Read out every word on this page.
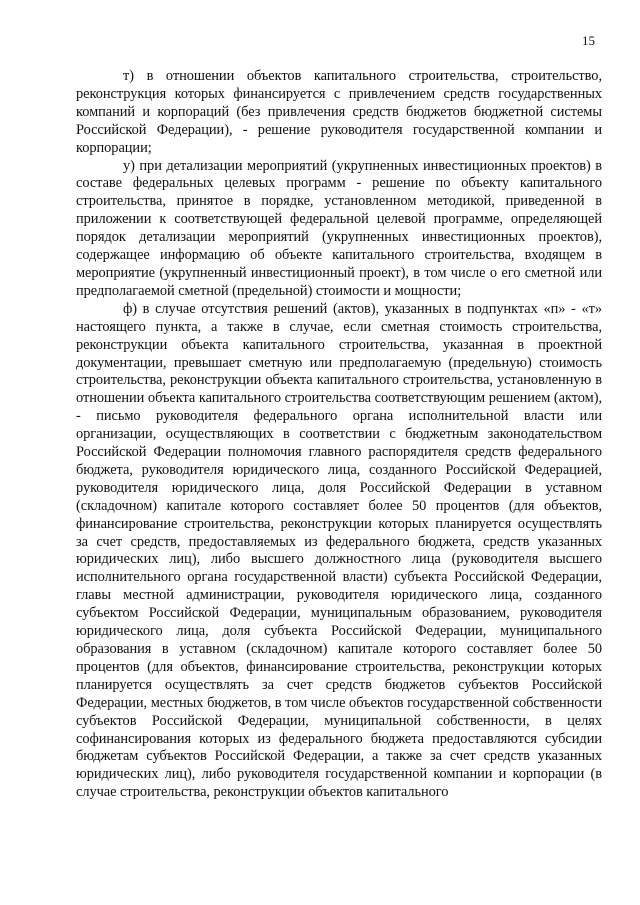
15

т) в отношении объектов капитального строительства, строительство, реконструкция которых финансируется с привлечением средств государственных компаний и корпораций (без привлечения средств бюджетов бюджетной системы Российской Федерации), - решение руководителя государственной компании и корпорации;

у) при детализации мероприятий (укрупненных инвестиционных проектов) в составе федеральных целевых программ - решение по объекту капитального строительства, принятое в порядке, установленном методикой, приведенной в приложении к соответствующей федеральной целевой программе, определяющей порядок детализации мероприятий (укрупненных инвестиционных проектов), содержащее информацию об объекте капитального строительства, входящем в мероприятие (укрупненный инвестиционный проект), в том числе о его сметной или предполагаемой сметной (предельной) стоимости и мощности;

ф) в случае отсутствия решений (актов), указанных в подпунктах «п» - «т» настоящего пункта, а также в случае, если сметная стоимость строительства, реконструкции объекта капитального строительства, указанная в проектной документации, превышает сметную или предполагаемую (предельную) стоимость строительства, реконструкции объекта капитального строительства, установленную в отношении объекта капитального строительства соответствующим решением (актом), - письмо руководителя федерального органа исполнительной власти или организации, осуществляющих в соответствии с бюджетным законодательством Российской Федерации полномочия главного распорядителя средств федерального бюджета, руководителя юридического лица, созданного Российской Федерацией, руководителя юридического лица, доля Российской Федерации в уставном (складочном) капитале которого составляет более 50 процентов (для объектов, финансирование строительства, реконструкции которых планируется осуществлять за счет средств, предоставляемых из федерального бюджета, средств указанных юридических лиц), либо высшего должностного лица (руководителя высшего исполнительного органа государственной власти) субъекта Российской Федерации, главы местной администрации, руководителя юридического лица, созданного субъектом Российской Федерации, муниципальным образованием, руководителя юридического лица, доля субъекта Российской Федерации, муниципального образования в уставном (складочном) капитале которого составляет более 50 процентов (для объектов, финансирование строительства, реконструкции которых планируется осуществлять за счет средств бюджетов субъектов Российской Федерации, местных бюджетов, в том числе объектов государственной собственности субъектов Российской Федерации, муниципальной собственности, в целях софинансирования которых из федерального бюджета предоставляются субсидии бюджетам субъектов Российской Федерации, а также за счет средств указанных юридических лиц), либо руководителя государственной компании и корпорации (в случае строительства, реконструкции объектов капитального
